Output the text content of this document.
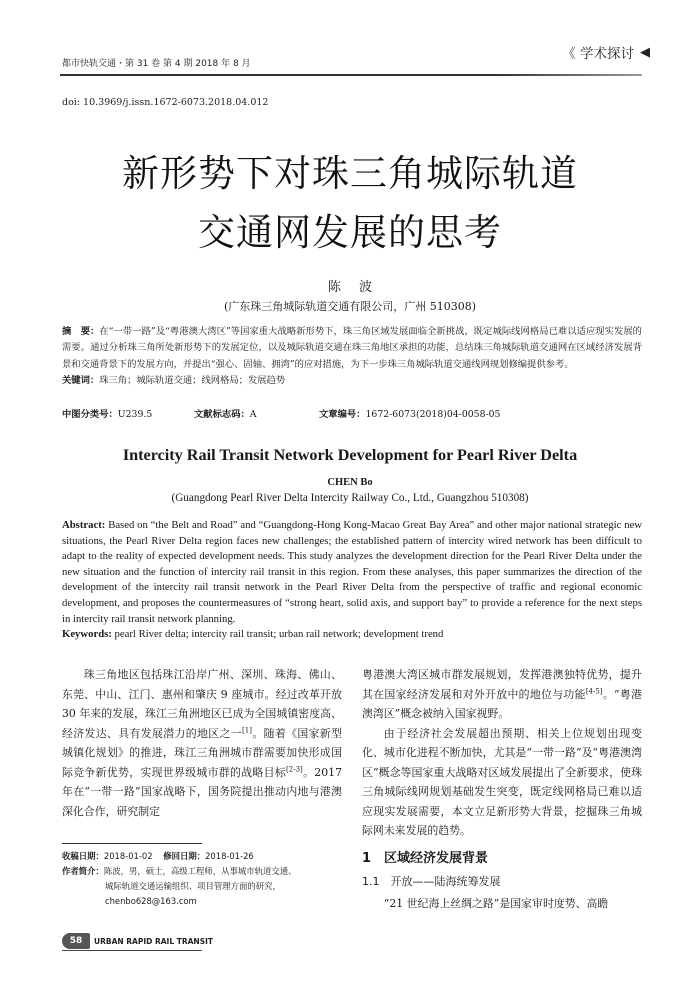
都市快轨交通・第 31 卷 第 4 期 2018 年 8 月
《 学术探讨 ◀
doi: 10.3969/j.issn.1672-6073.2018.04.012
新形势下对珠三角城际轨道
交通网发展的思考
陈波
(广东珠三角城际轨道交通有限公司，广州 510308)
摘　要：在“一带一路”及“粤港澳大湾区”等国家重大战略新形势下，珠三角区域发展面临全新挑战，既定城际线网格局已难以适应现实发展的需要。通过分析珠三角所处新形势下的发展定位，以及城际轨道交通在珠三角地区承担的功能，总结珠三角城际轨道交通网在区域经济发展背景和交通背景下的发展方向，并提出“强心、固轴、拥湾”的应对措施，为下一步珠三角城际轨道交通线网规划修编提供参考。
关键词：珠三角；城际轨道交通；线网格局；发展趋势
中图分类号：U239.5	文献标志码：A	文章编号：1672-6073(2018)04-0058-05
Intercity Rail Transit Network Development for Pearl River Delta
CHEN Bo
(Guangdong Pearl River Delta Intercity Railway Co., Ltd., Guangzhou 510308)
Abstract: Based on “the Belt and Road” and “Guangdong-Hong Kong-Macao Great Bay Area” and other major national strategic new situations, the Pearl River Delta region faces new challenges; the established pattern of intercity wired network has been difficult to adapt to the reality of expected development needs. This study analyzes the development direction for the Pearl River Delta under the new situation and the function of intercity rail transit in this region. From these analyses, this paper summarizes the direction of the development of the intercity rail transit network in the Pearl River Delta from the perspective of traffic and regional economic development, and proposes the countermeasures of “strong heart, solid axis, and support bay” to provide a reference for the next steps in intercity rail transit network planning.
Keywords: pearl River delta; intercity rail transit; urban rail network; development trend

珠三角地区包括珠江沿岸广州、深圳、珠海、佛山、东莞、中山、江门、惠州和肇庆 9 座城市。经过改革开放 30 年来的发展，珠江三角洲地区已成为全国城镇密度高、经济发达、具有发展潜力的地区之一[1]。随着《国家新型城镇化规划》的推进，珠江三角洲城市群需要加快形成国际竞争新优势，实现世界级城市群的战略目标[2-3]。2017 年在“一带一路”国家战略下，国务院提出推动内地与港澳深化合作，研究制定

粤港澳大湾区城市群发展规划，发挥港澳独特优势，提升其在国家经济发展和对外开放中的地位与功能[4-5]。“粤港澳湾区”概念被纳入国家视野。

由于经济社会发展超出预期、相关上位规划出现变化、城市化进程不断加快，尤其是“一带一路”及“粤港澳湾区”概念等国家重大战略对区域发展提出了全新要求，使珠三角城际线网规划基础发生突变，既定线网格局已难以适应现实发展需要，本文立足新形势大背景，挖掘珠三角城际网未来发展的趋势。

1　区域经济发展背景

1.1　开放——陆海统筹发展

“21 世纪海上丝绸之路”是国家审时度势、高瞻

收稿日期：2018-01-02 修回日期：2018-01-26
作者简介：陈波，男，硕士，高级工程师，从事城市轨道交通、
城际轨道交通运输组织、项目管理方面的研究，
chenbo628@163.com
58	URBAN RAPID RAIL TRANSIT
